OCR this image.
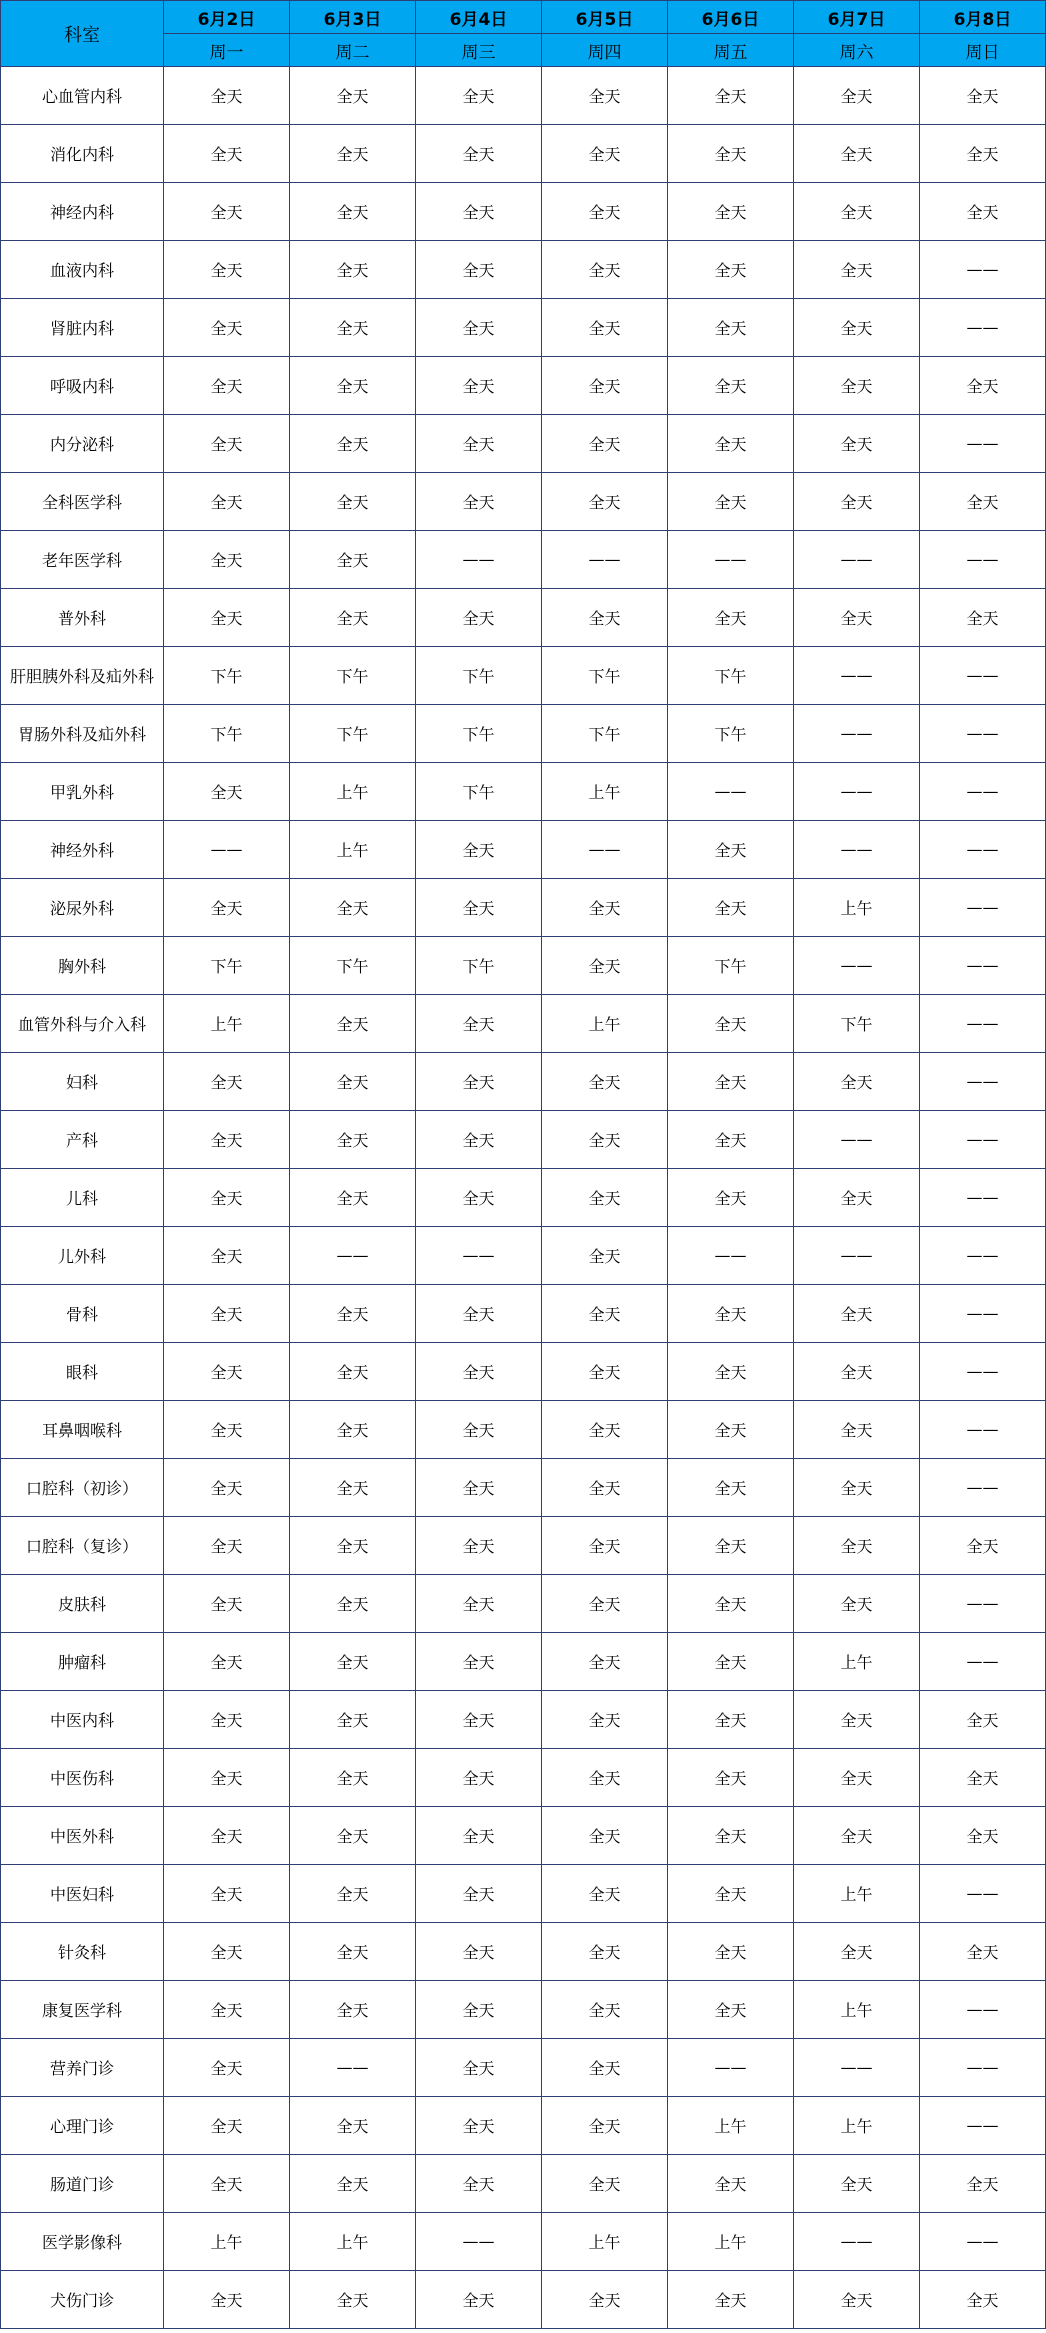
科室	6月2日	6月3日	6月4日	6月5日	6月6日	6月7日	6月8日
	周一	周二	周三	周四	周五	周六	周日
心血管内科	全天	全天	全天	全天	全天	全天	全天
消化内科	全天	全天	全天	全天	全天	全天	全天
神经内科	全天	全天	全天	全天	全天	全天	全天
血液内科	全天	全天	全天	全天	全天	全天	——
肾脏内科	全天	全天	全天	全天	全天	全天	——
呼吸内科	全天	全天	全天	全天	全天	全天	全天
内分泌科	全天	全天	全天	全天	全天	全天	——
全科医学科	全天	全天	全天	全天	全天	全天	全天
老年医学科	全天	全天	——	——	——	——	——
普外科	全天	全天	全天	全天	全天	全天	全天
肝胆胰外科及疝外科	下午	下午	下午	下午	下午	——	——
胃肠外科及疝外科	下午	下午	下午	下午	下午	——	——
甲乳外科	全天	上午	下午	上午	——	——	——
神经外科	——	上午	全天	——	全天	——	——
泌尿外科	全天	全天	全天	全天	全天	上午	——
胸外科	下午	下午	下午	全天	下午	——	——
血管外科与介入科	上午	全天	全天	上午	全天	下午	——
妇科	全天	全天	全天	全天	全天	全天	——
产科	全天	全天	全天	全天	全天	——	——
儿科	全天	全天	全天	全天	全天	全天	——
儿外科	全天	——	——	全天	——	——	——
骨科	全天	全天	全天	全天	全天	全天	——
眼科	全天	全天	全天	全天	全天	全天	——
耳鼻咽喉科	全天	全天	全天	全天	全天	全天	——
口腔科（初诊）	全天	全天	全天	全天	全天	全天	——
口腔科（复诊）	全天	全天	全天	全天	全天	全天	全天
皮肤科	全天	全天	全天	全天	全天	全天	——
肿瘤科	全天	全天	全天	全天	全天	上午	——
中医内科	全天	全天	全天	全天	全天	全天	全天
中医伤科	全天	全天	全天	全天	全天	全天	全天
中医外科	全天	全天	全天	全天	全天	全天	全天
中医妇科	全天	全天	全天	全天	全天	上午	——
针灸科	全天	全天	全天	全天	全天	全天	全天
康复医学科	全天	全天	全天	全天	全天	上午	——
营养门诊	全天	——	全天	全天	——	——	——
心理门诊	全天	全天	全天	全天	上午	上午	——
肠道门诊	全天	全天	全天	全天	全天	全天	全天
医学影像科	上午	上午	——	上午	上午	——	——
犬伤门诊	全天	全天	全天	全天	全天	全天	全天
